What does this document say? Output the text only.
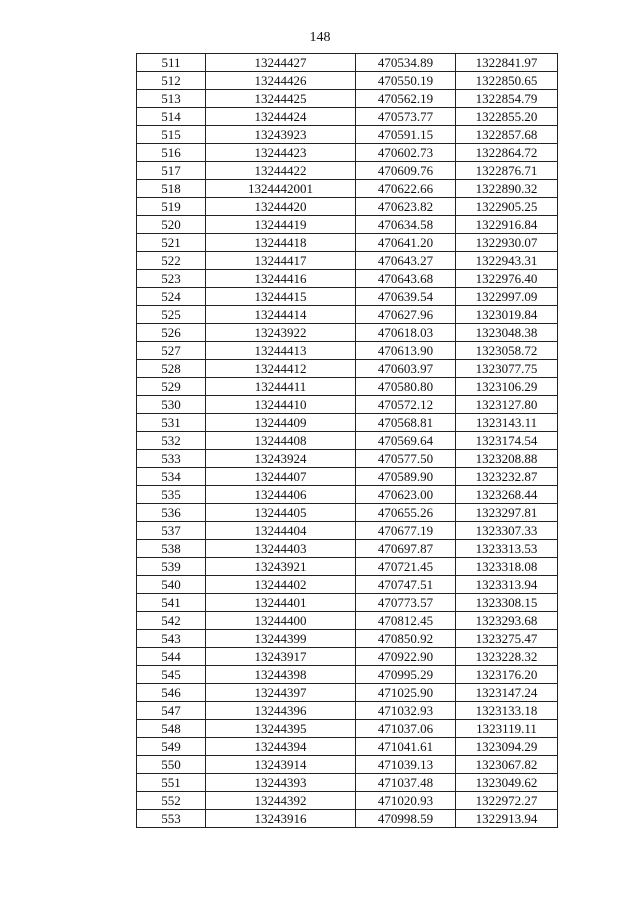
148
511	13244427	470534.89	1322841.97
512	13244426	470550.19	1322850.65
513	13244425	470562.19	1322854.79
514	13244424	470573.77	1322855.20
515	13243923	470591.15	1322857.68
516	13244423	470602.73	1322864.72
517	13244422	470609.76	1322876.71
518	1324442001	470622.66	1322890.32
519	13244420	470623.82	1322905.25
520	13244419	470634.58	1322916.84
521	13244418	470641.20	1322930.07
522	13244417	470643.27	1322943.31
523	13244416	470643.68	1322976.40
524	13244415	470639.54	1322997.09
525	13244414	470627.96	1323019.84
526	13243922	470618.03	1323048.38
527	13244413	470613.90	1323058.72
528	13244412	470603.97	1323077.75
529	13244411	470580.80	1323106.29
530	13244410	470572.12	1323127.80
531	13244409	470568.81	1323143.11
532	13244408	470569.64	1323174.54
533	13243924	470577.50	1323208.88
534	13244407	470589.90	1323232.87
535	13244406	470623.00	1323268.44
536	13244405	470655.26	1323297.81
537	13244404	470677.19	1323307.33
538	13244403	470697.87	1323313.53
539	13243921	470721.45	1323318.08
540	13244402	470747.51	1323313.94
541	13244401	470773.57	1323308.15
542	13244400	470812.45	1323293.68
543	13244399	470850.92	1323275.47
544	13243917	470922.90	1323228.32
545	13244398	470995.29	1323176.20
546	13244397	471025.90	1323147.24
547	13244396	471032.93	1323133.18
548	13244395	471037.06	1323119.11
549	13244394	471041.61	1323094.29
550	13243914	471039.13	1323067.82
551	13244393	471037.48	1323049.62
552	13244392	471020.93	1322972.27
553	13243916	470998.59	1322913.94
